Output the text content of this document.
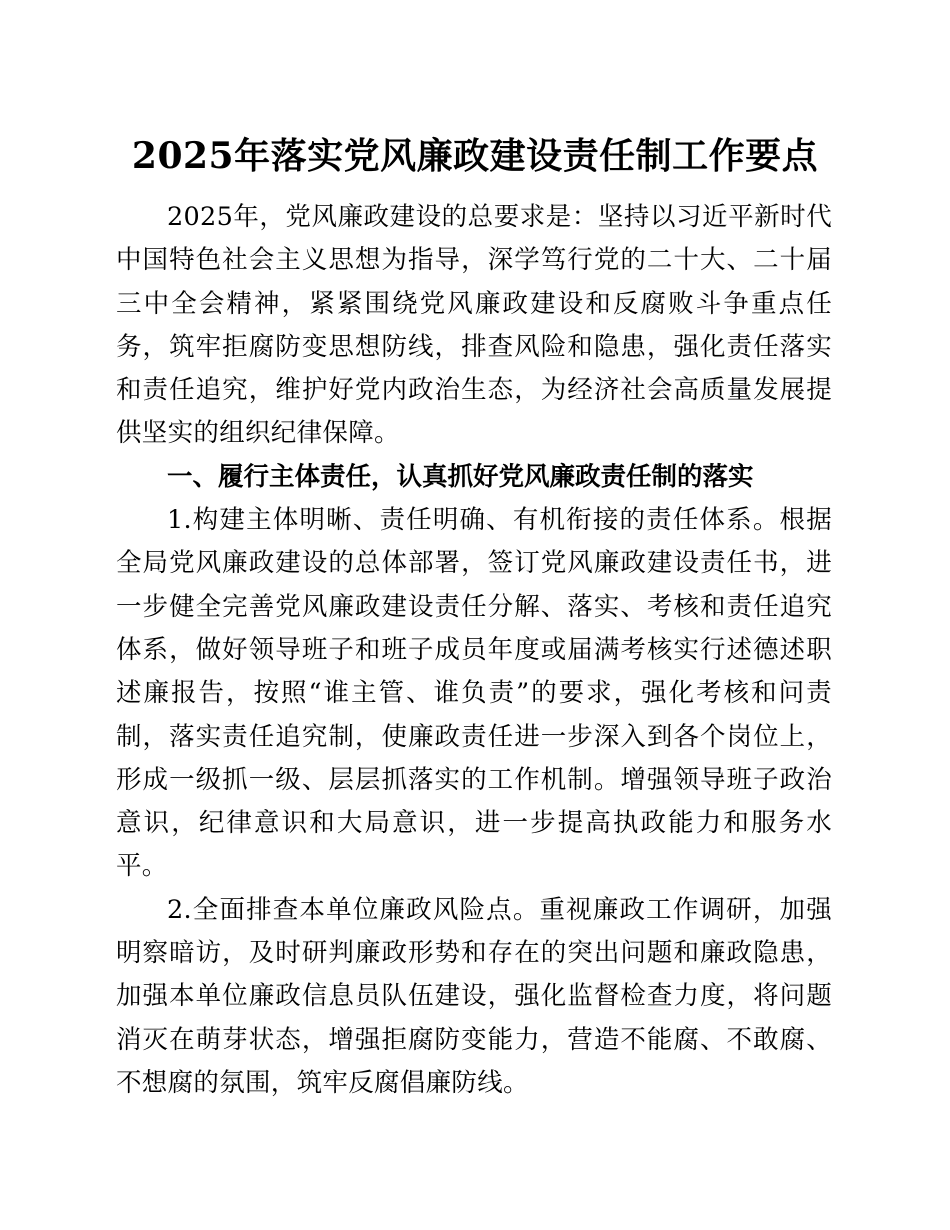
2025年落实党风廉政建设责任制工作要点

2025年，党风廉政建设的总要求是：坚持以习近平新时代中国特色社会主义思想为指导，深学笃行党的二十大、二十届三中全会精神，紧紧围绕党风廉政建设和反腐败斗争重点任务，筑牢拒腐防变思想防线，排查风险和隐患，强化责任落实和责任追究，维护好党内政治生态，为经济社会高质量发展提供坚实的组织纪律保障。

一、履行主体责任，认真抓好党风廉政责任制的落实

1.构建主体明晰、责任明确、有机衔接的责任体系。根据全局党风廉政建设的总体部署，签订党风廉政建设责任书，进一步健全完善党风廉政建设责任分解、落实、考核和责任追究体系，做好领导班子和班子成员年度或届满考核实行述德述职述廉报告，按照“谁主管、谁负责”的要求，强化考核和问责制，落实责任追究制，使廉政责任进一步深入到各个岗位上，形成一级抓一级、层层抓落实的工作机制。增强领导班子政治意识，纪律意识和大局意识，进一步提高执政能力和服务水平。

2.全面排查本单位廉政风险点。重视廉政工作调研，加强明察暗访，及时研判廉政形势和存在的突出问题和廉政隐患，加强本单位廉政信息员队伍建设，强化监督检查力度，将问题消灭在萌芽状态，增强拒腐防变能力，营造不能腐、不敢腐、不想腐的氛围，筑牢反腐倡廉防线。
